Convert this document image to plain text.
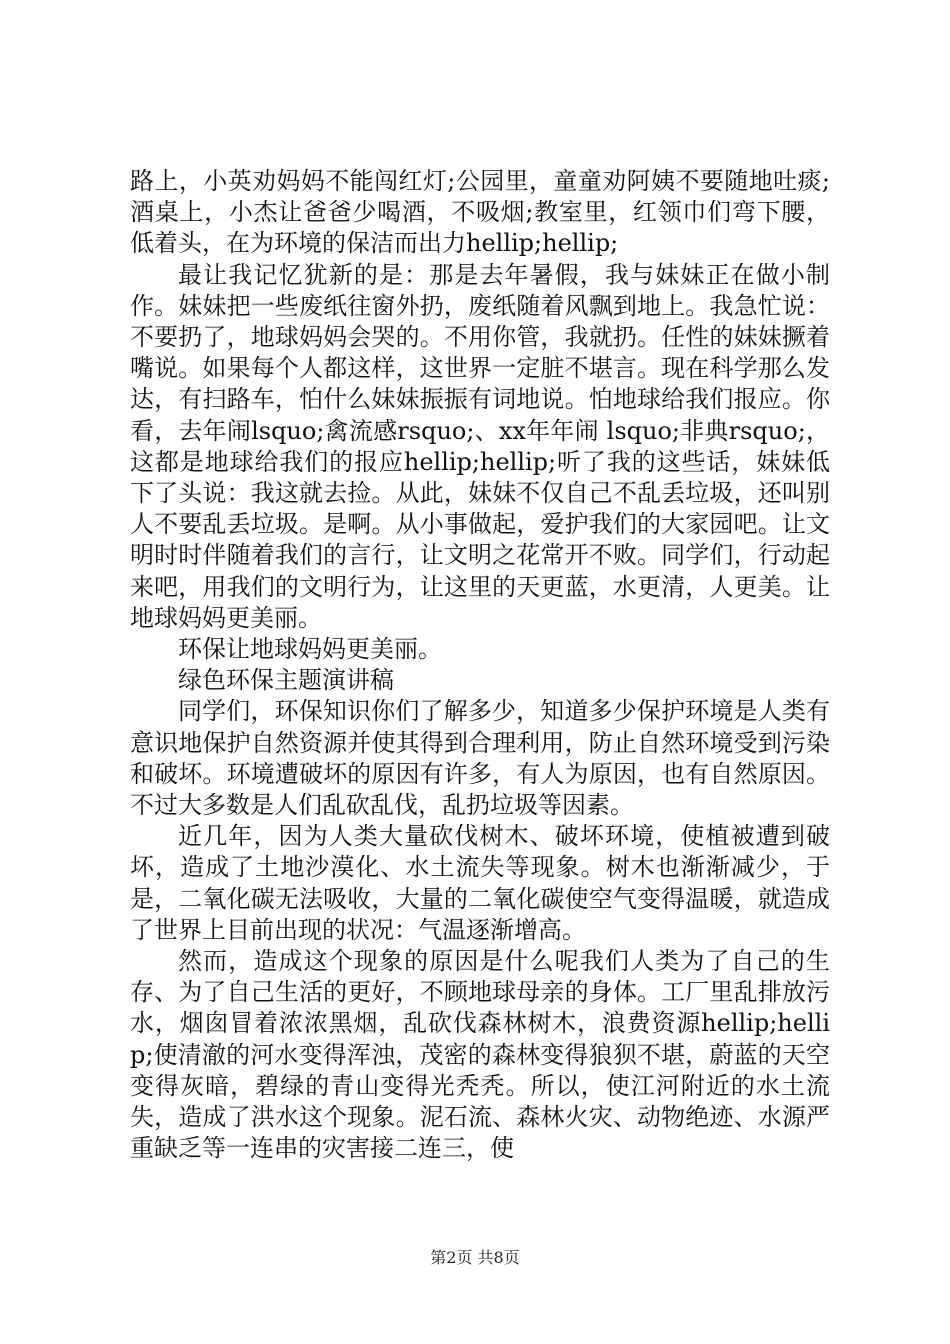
路上，小英劝妈妈不能闯红灯;公园里，童童劝阿姨不要随地吐痰;酒桌上，小杰让爸爸少喝酒，不吸烟;教室里，红领巾们弯下腰，低着头，在为环境的保洁而出力hellip;hellip;

最让我记忆犹新的是：那是去年暑假，我与妹妹正在做小制作。妹妹把一些废纸往窗外扔，废纸随着风飘到地上。我急忙说：不要扔了，地球妈妈会哭的。不用你管，我就扔。任性的妹妹撅着嘴说。如果每个人都这样，这世界一定脏不堪言。现在科学那么发达，有扫路车，怕什么妹妹振振有词地说。怕地球给我们报应。你看，去年闹lsquo;禽流感rsquo;、xx年年闹 lsquo;非典rsquo;，这都是地球给我们的报应hellip;hellip;听了我的这些话，妹妹低下了头说：我这就去捡。从此，妹妹不仅自己不乱丢垃圾，还叫别人不要乱丢垃圾。是啊。从小事做起，爱护我们的大家园吧。让文明时时伴随着我们的言行，让文明之花常开不败。同学们，行动起来吧，用我们的文明行为，让这里的天更蓝，水更清，人更美。让地球妈妈更美丽。

环保让地球妈妈更美丽。

绿色环保主题演讲稿

同学们，环保知识你们了解多少，知道多少保护环境是人类有意识地保护自然资源并使其得到合理利用，防止自然环境受到污染和破坏。环境遭破坏的原因有许多，有人为原因，也有自然原因。不过大多数是人们乱砍乱伐，乱扔垃圾等因素。

近几年，因为人类大量砍伐树木、破坏环境，使植被遭到破坏，造成了土地沙漠化、水土流失等现象。树木也渐渐减少，于是，二氧化碳无法吸收，大量的二氧化碳使空气变得温暖，就造成了世界上目前出现的状况：气温逐渐增高。

然而，造成这个现象的原因是什么呢我们人类为了自己的生存、为了自己生活的更好，不顾地球母亲的身体。工厂里乱排放污水，烟囱冒着浓浓黑烟，乱砍伐森林树木，浪费资源hellip;hellip;使清澈的河水变得浑浊，茂密的森林变得狼狈不堪，蔚蓝的天空变得灰暗，碧绿的青山变得光秃秃。所以，使江河附近的水土流失，造成了洪水这个现象。泥石流、森林火灾、动物绝迹、水源严重缺乏等一连串的灾害接二连三，使

第2页 共8页
